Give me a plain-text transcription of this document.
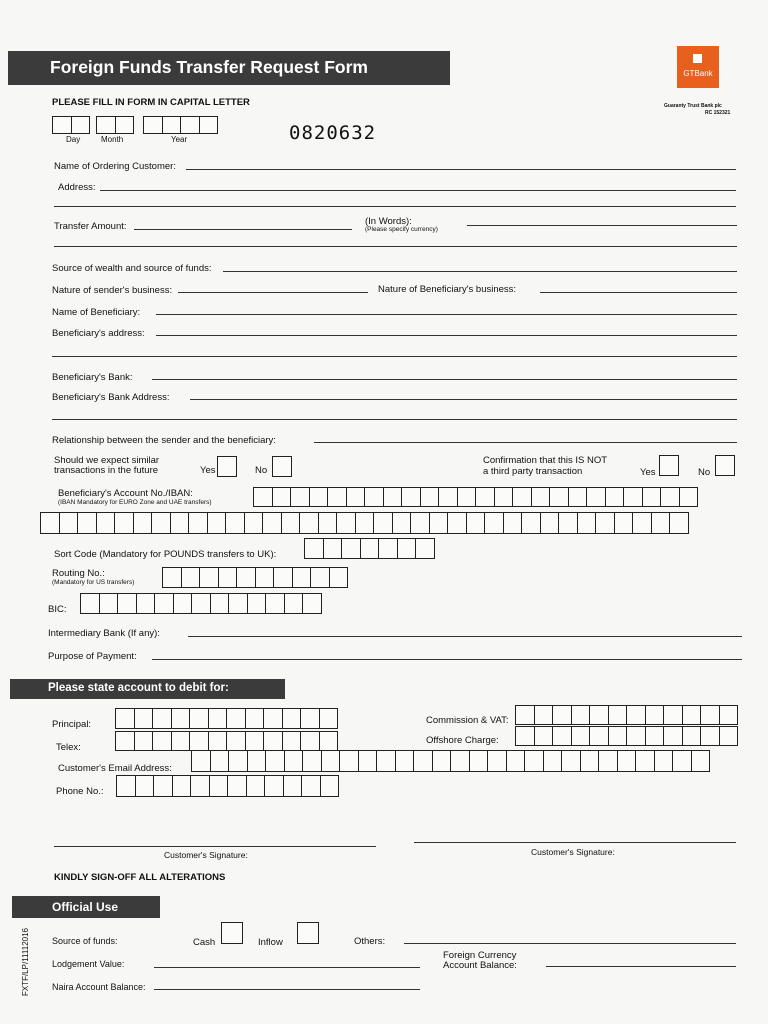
Foreign Funds Transfer Request Form	GTBank
Guaranty Trust Bank plc
RC 152321
PLEASE FILL IN FORM IN CAPITAL LETTER
Day	Month	Year	0820632
Name of Ordering Customer:
Address:
Transfer Amount:	(In Words):
(Please specify currency)
Source of wealth and source of funds:
Nature of sender's business:	Nature of Beneficiary's business:
Name of Beneficiary:
Beneficiary's address:
Beneficiary's Bank:
Beneficiary's Bank Address:
Relationship between the sender and the beneficiary:
Should we expect similar
transactions in the future	Yes	No
Confirmation that this IS NOT
a third party transaction	Yes	No
Beneficiary's Account No./IBAN:
(IBAN Mandatory for EURO Zone and UAE transfers)
Sort Code (Mandatory for POUNDS transfers to UK):
Routing No.:
(Mandatory for US transfers)
BIC:
Intermediary Bank (If any):
Purpose of Payment:
Please state account to debit for:
Principal:
Telex:
Commission & VAT:
Offshore Charge:
Customer's Email Address:
Phone No.:
Customer's Signature:	Customer's Signature:
KINDLY SIGN-OFF ALL ALTERATIONS
Official Use
FXTF/LP/11112016 Source of funds:	Cash	Inflow	Others:
Lodgement Value:
Foreign Currency
Account Balance:
Naira Account Balance:
